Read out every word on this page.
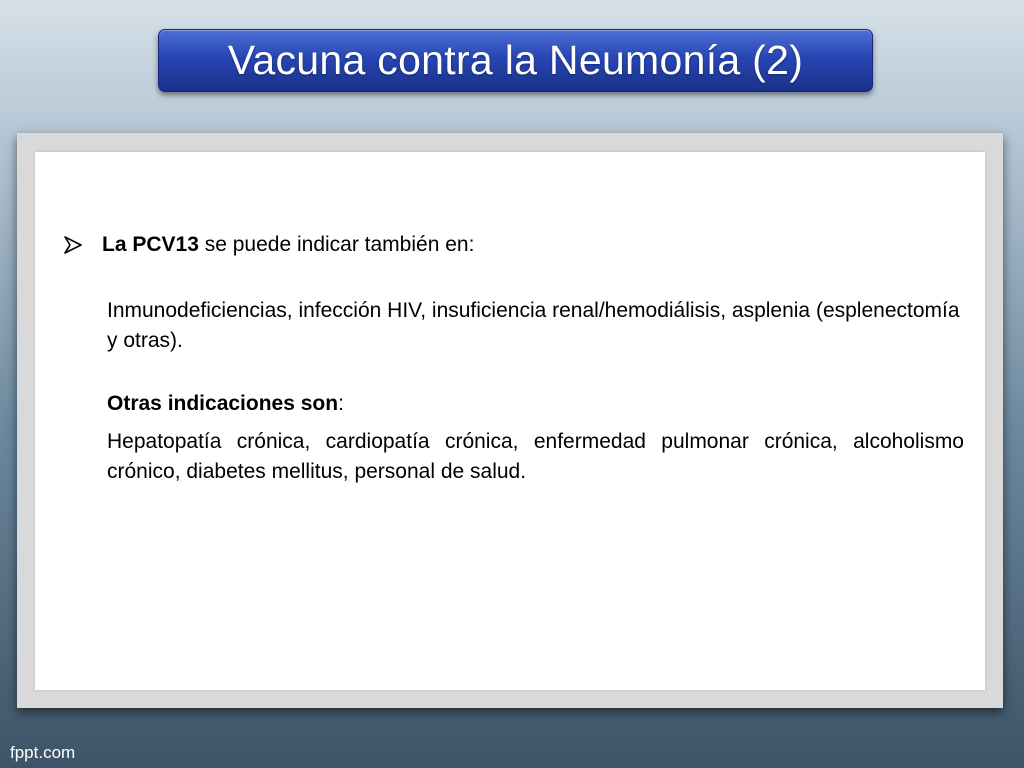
Vacuna contra la Neumonía (2)
La PCV13 se puede indicar también en:
Inmunodeficiencias, infección HIV, insuficiencia renal/hemodiálisis, asplenia (esplenectomía y otras).
Otras indicaciones son:
Hepatopatía crónica, cardiopatía crónica, enfermedad pulmonar crónica, alcoholismo crónico, diabetes mellitus, personal de salud.
fppt.com
